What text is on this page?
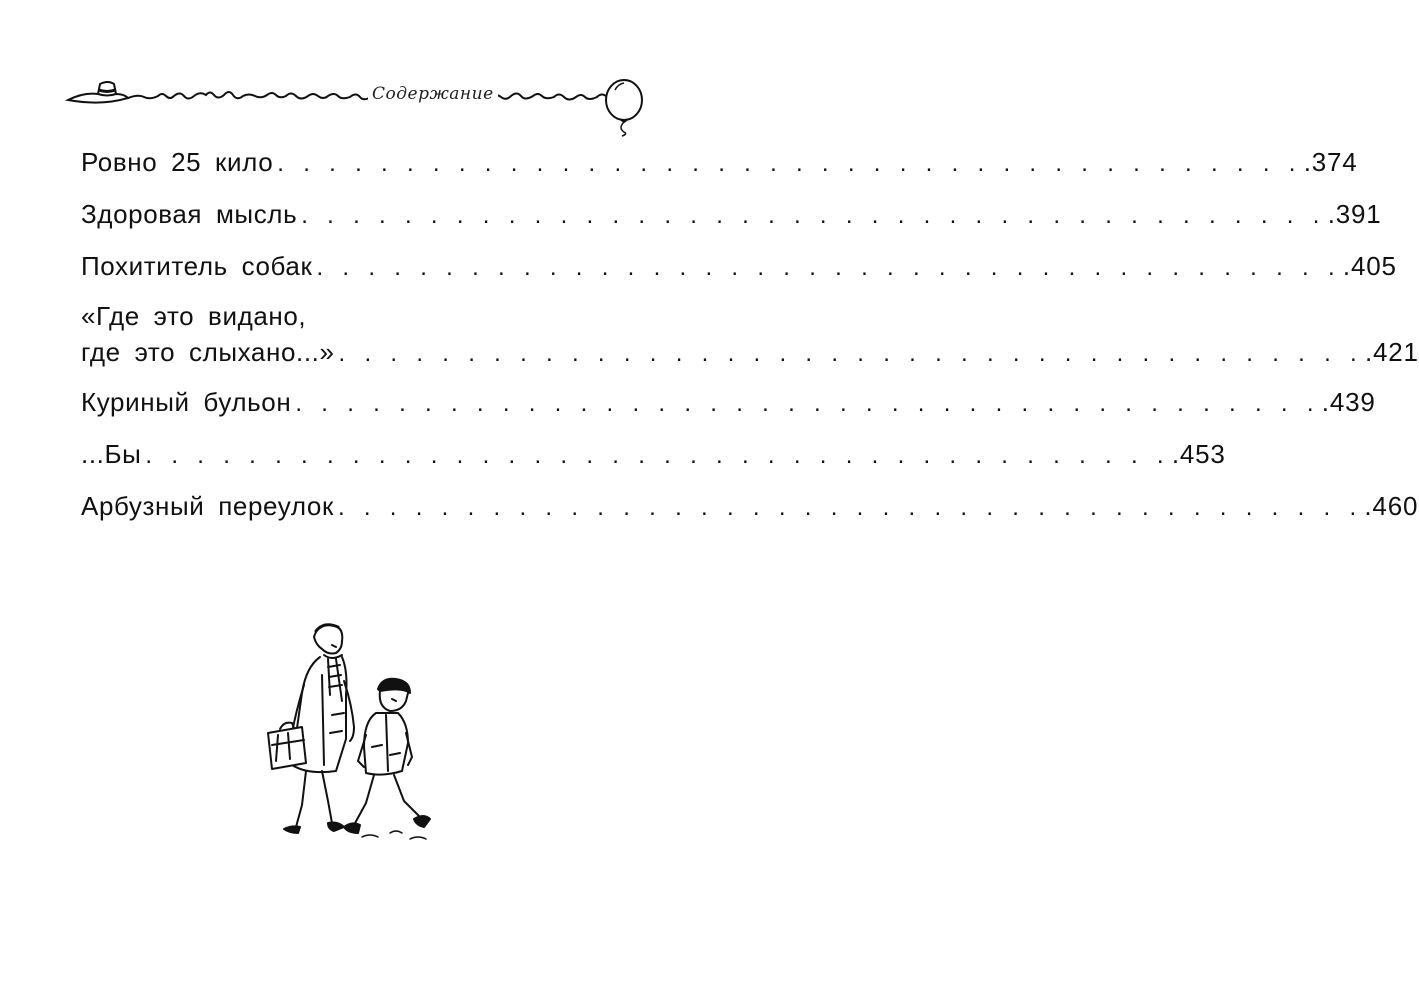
Содержание
Ровно 25 кило . . . . . . . . . . . . . . . . . . . . . . . . . . . . . . . . . . . . . . . . .374
Здоровая мысль . . . . . . . . . . . . . . . . . . . . . . . . . . . . . . . . . . . . . . . . .391
Похититель собак . . . . . . . . . . . . . . . . . . . . . . . . . . . . . . . . . . . . . . . . .405
«Где это видано,
где это слыхано...» . . . . . . . . . . . . . . . . . . . . . . . . . . . . . . . . . . . . . . . . .421
Куриный бульон . . . . . . . . . . . . . . . . . . . . . . . . . . . . . . . . . . . . . . . . .439
...Бы . . . . . . . . . . . . . . . . . . . . . . . . . . . . . . . . . . . . . . . . .453
Арбузный переулок . . . . . . . . . . . . . . . . . . . . . . . . . . . . . . . . . . . . . . . . .460
